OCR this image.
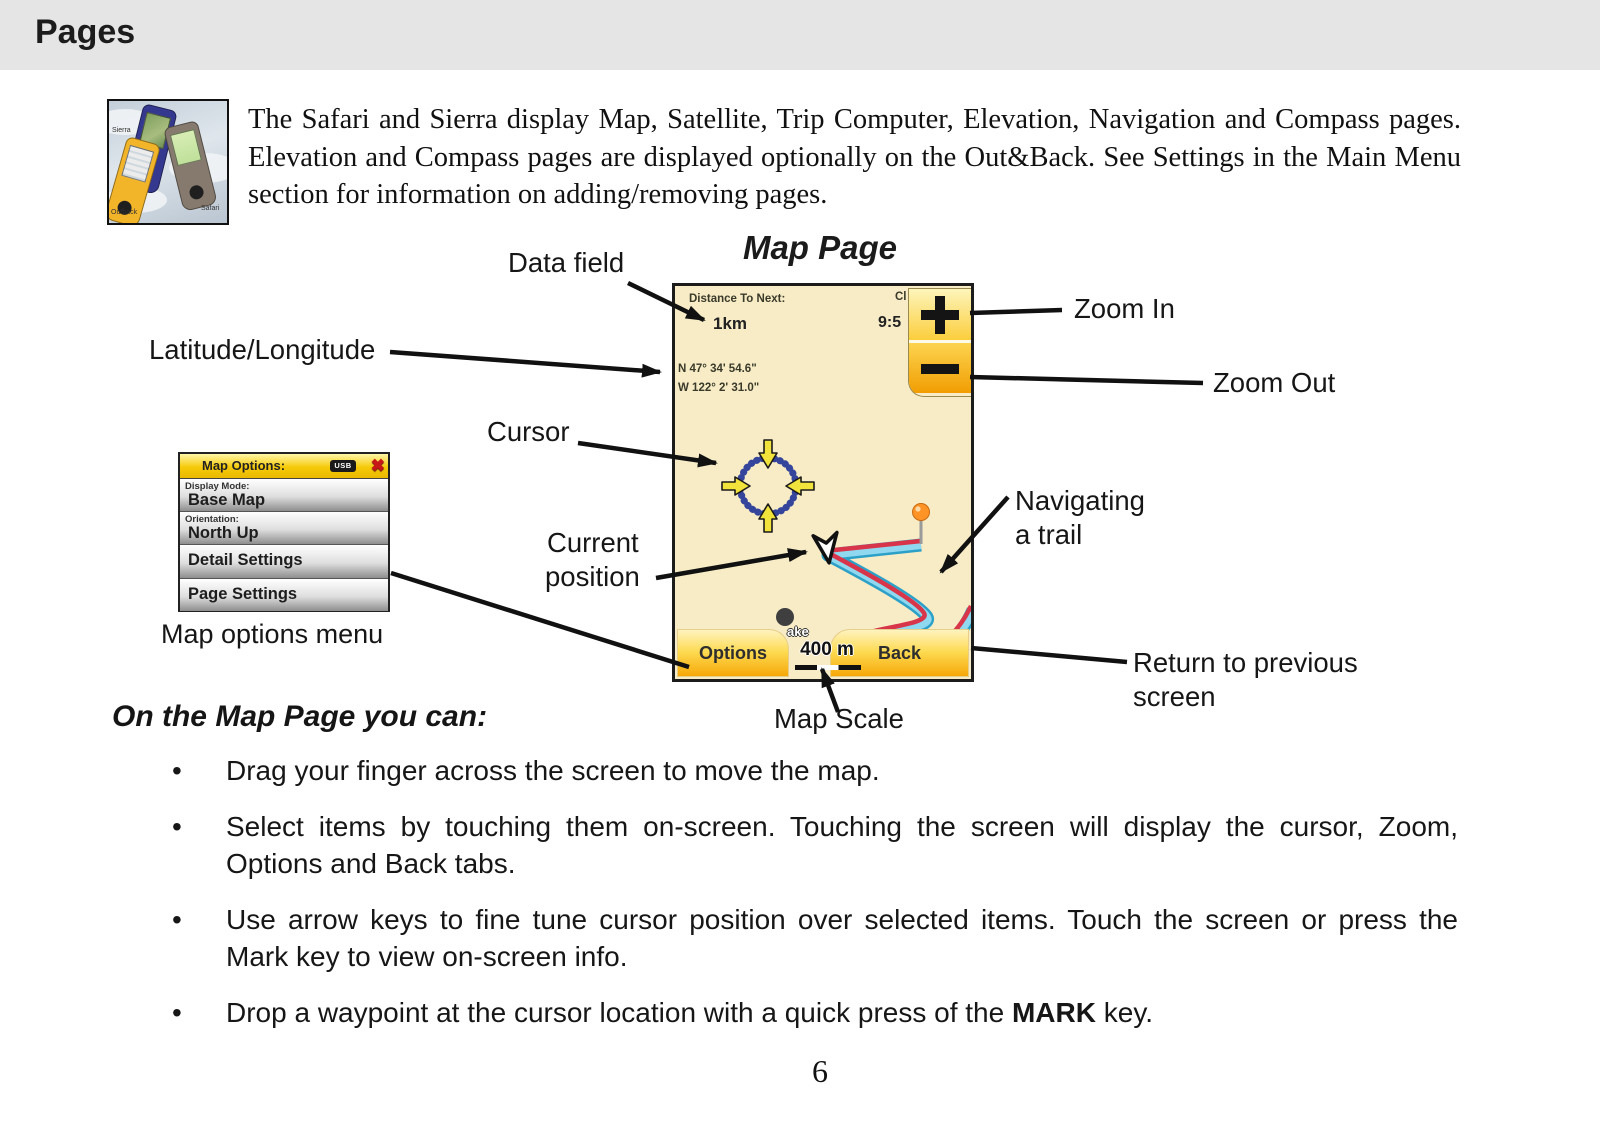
Pages
Sierra
Outback
Safari
The Safari and Sierra display Map, Satellite, Trip Computer, Elevation, Navigation and Compass pages. Elevation and Compass pages are displayed optionally on the Out&Back. See Settings in the Main Menu section for information on adding/removing pages.
Map Page
Data field
Latitude/Longitude
Cursor
Current
position
Zoom In
Zoom Out
Navigating
a trail
Return to previous
screen
Map Scale
Map options menu
Distance To Next:
1km
Cl
9:5
N 47° 34' 54.6"
W 122° 2' 31.0"
Options	Back
ake
400 m
Map Options:	USB ✖
Display Mode:
Base Map
Orientation:
North Up
Detail Settings
Page Settings
On the Map Page you can:
• Drag your finger across the screen to move the map.
• Select items by touching them on-screen. Touching the screen will display the cursor, Zoom, Options and Back tabs.
• Use arrow keys to fine tune cursor position over selected items. Touch the screen or press the Mark key to view on-screen info.
• Drop a waypoint at the cursor location with a quick press of the MARK key.
6
